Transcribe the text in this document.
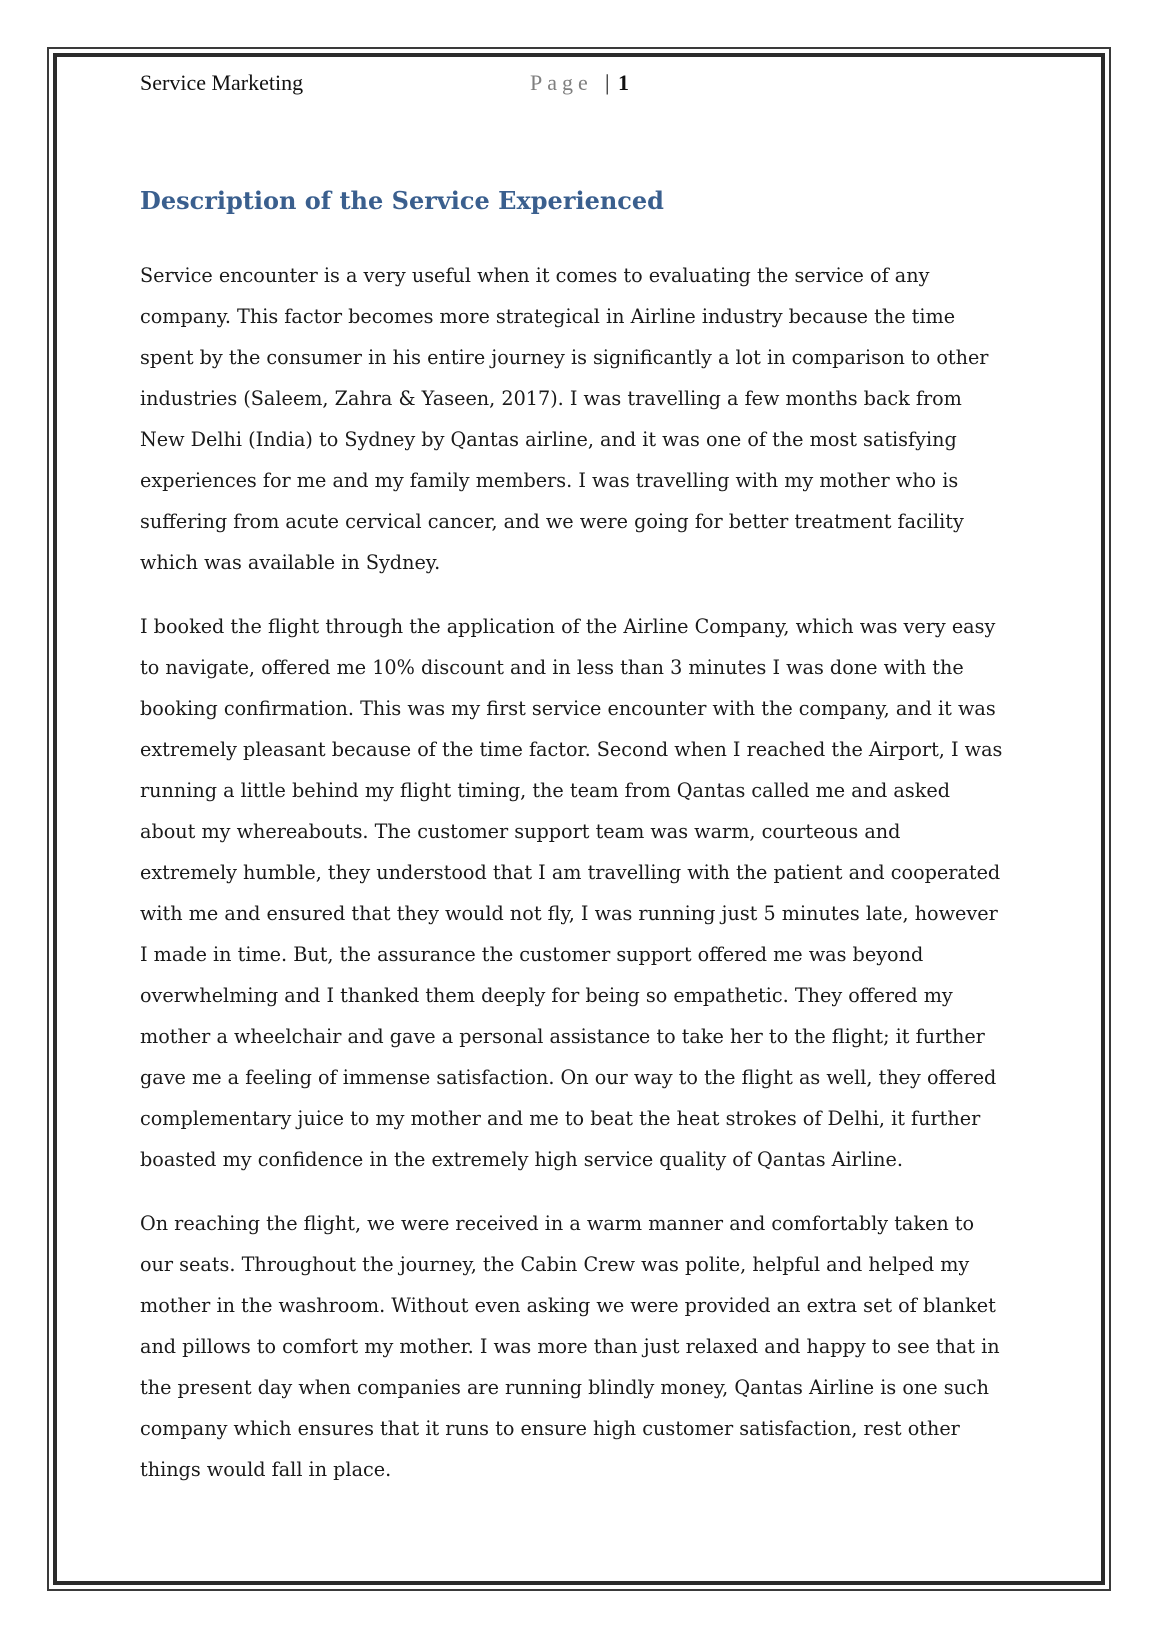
Service Marketing	Page | 1
Description of the Service Experienced

Service encounter is a very useful when it comes to evaluating the service of any
company. This factor becomes more strategical in Airline industry because the time
spent by the consumer in his entire journey is significantly a lot in comparison to other
industries (Saleem, Zahra & Yaseen, 2017). I was travelling a few months back from
New Delhi (India) to Sydney by Qantas airline, and it was one of the most satisfying
experiences for me and my family members. I was travelling with my mother who is
suffering from acute cervical cancer, and we were going for better treatment facility
which was available in Sydney.

I booked the flight through the application of the Airline Company, which was very easy
to navigate, offered me 10% discount and in less than 3 minutes I was done with the
booking confirmation. This was my first service encounter with the company, and it was
extremely pleasant because of the time factor. Second when I reached the Airport, I was
running a little behind my flight timing, the team from Qantas called me and asked
about my whereabouts. The customer support team was warm, courteous and
extremely humble, they understood that I am travelling with the patient and cooperated
with me and ensured that they would not fly, I was running just 5 minutes late, however
I made in time. But, the assurance the customer support offered me was beyond
overwhelming and I thanked them deeply for being so empathetic. They offered my
mother a wheelchair and gave a personal assistance to take her to the flight; it further
gave me a feeling of immense satisfaction. On our way to the flight as well, they offered
complementary juice to my mother and me to beat the heat strokes of Delhi, it further
boasted my confidence in the extremely high service quality of Qantas Airline.

On reaching the flight, we were received in a warm manner and comfortably taken to
our seats. Throughout the journey, the Cabin Crew was polite, helpful and helped my
mother in the washroom. Without even asking we were provided an extra set of blanket
and pillows to comfort my mother. I was more than just relaxed and happy to see that in
the present day when companies are running blindly money, Qantas Airline is one such
company which ensures that it runs to ensure high customer satisfaction, rest other
things would fall in place.
